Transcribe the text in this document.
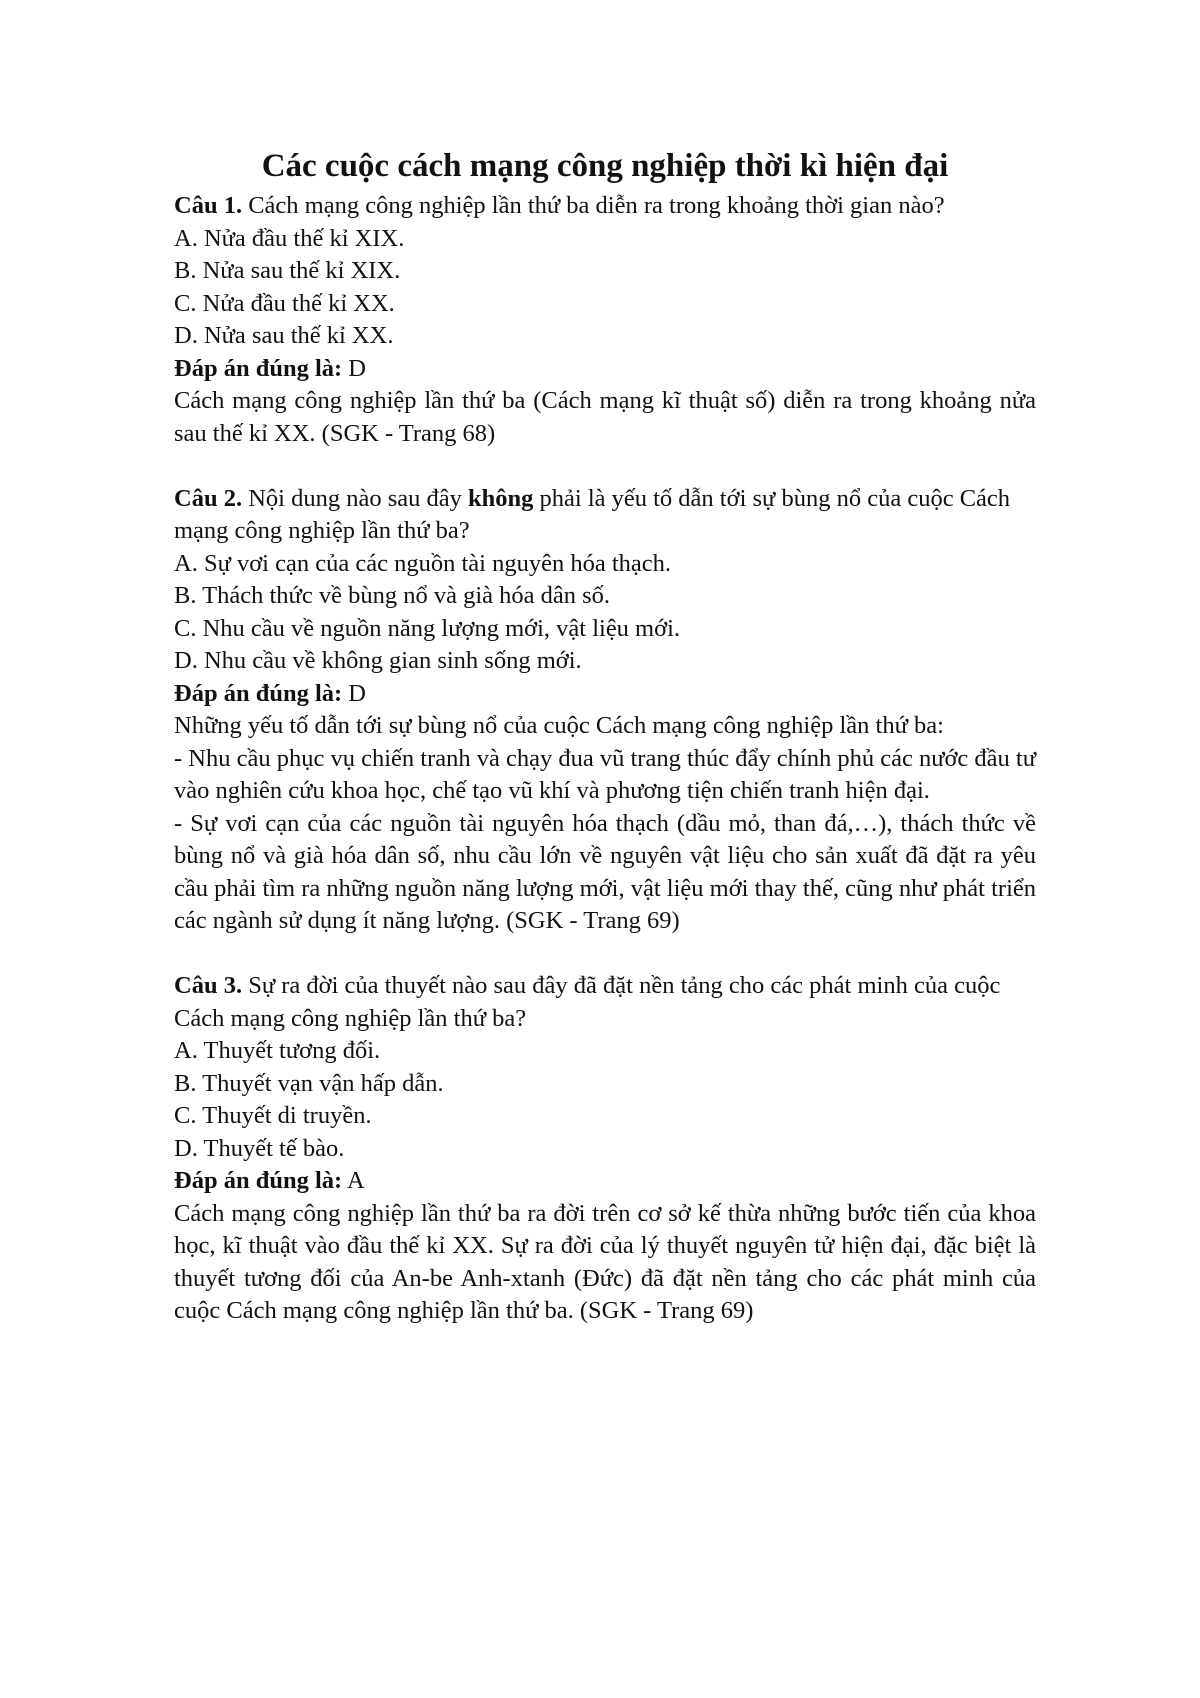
Các cuộc cách mạng công nghiệp thời kì hiện đại

Câu 1. Cách mạng công nghiệp lần thứ ba diễn ra trong khoảng thời gian nào?

A. Nửa đầu thế kỉ XIX.

B. Nửa sau thế kỉ XIX.

C. Nửa đầu thế kỉ XX.

D. Nửa sau thế kỉ XX.

Đáp án đúng là: D

Cách mạng công nghiệp lần thứ ba (Cách mạng kĩ thuật số) diễn ra trong khoảng nửa sau thế kỉ XX. (SGK - Trang 68)

Câu 2. Nội dung nào sau đây không phải là yếu tố dẫn tới sự bùng nổ của cuộc Cách mạng công nghiệp lần thứ ba?

A. Sự vơi cạn của các nguồn tài nguyên hóa thạch.

B. Thách thức về bùng nổ và già hóa dân số.

C. Nhu cầu về nguồn năng lượng mới, vật liệu mới.

D. Nhu cầu về không gian sinh sống mới.

Đáp án đúng là: D

Những yếu tố dẫn tới sự bùng nổ của cuộc Cách mạng công nghiệp lần thứ ba:

- Nhu cầu phục vụ chiến tranh và chạy đua vũ trang thúc đẩy chính phủ các nước đầu tư vào nghiên cứu khoa học, chế tạo vũ khí và phương tiện chiến tranh hiện đại.

- Sự vơi cạn của các nguồn tài nguyên hóa thạch (dầu mỏ, than đá,…), thách thức về bùng nổ và già hóa dân số, nhu cầu lớn về nguyên vật liệu cho sản xuất đã đặt ra yêu cầu phải tìm ra những nguồn năng lượng mới, vật liệu mới thay thế, cũng như phát triển các ngành sử dụng ít năng lượng. (SGK - Trang 69)

Câu 3. Sự ra đời của thuyết nào sau đây đã đặt nền tảng cho các phát minh của cuộc Cách mạng công nghiệp lần thứ ba?

A. Thuyết tương đối.

B. Thuyết vạn vận hấp dẫn.

C. Thuyết di truyền.

D. Thuyết tế bào.

Đáp án đúng là: A

Cách mạng công nghiệp lần thứ ba ra đời trên cơ sở kế thừa những bước tiến của khoa học, kĩ thuật vào đầu thế kỉ XX. Sự ra đời của lý thuyết nguyên tử hiện đại, đặc biệt là thuyết tương đối của An-be Anh-xtanh (Đức) đã đặt nền tảng cho các phát minh của cuộc Cách mạng công nghiệp lần thứ ba. (SGK - Trang 69)
